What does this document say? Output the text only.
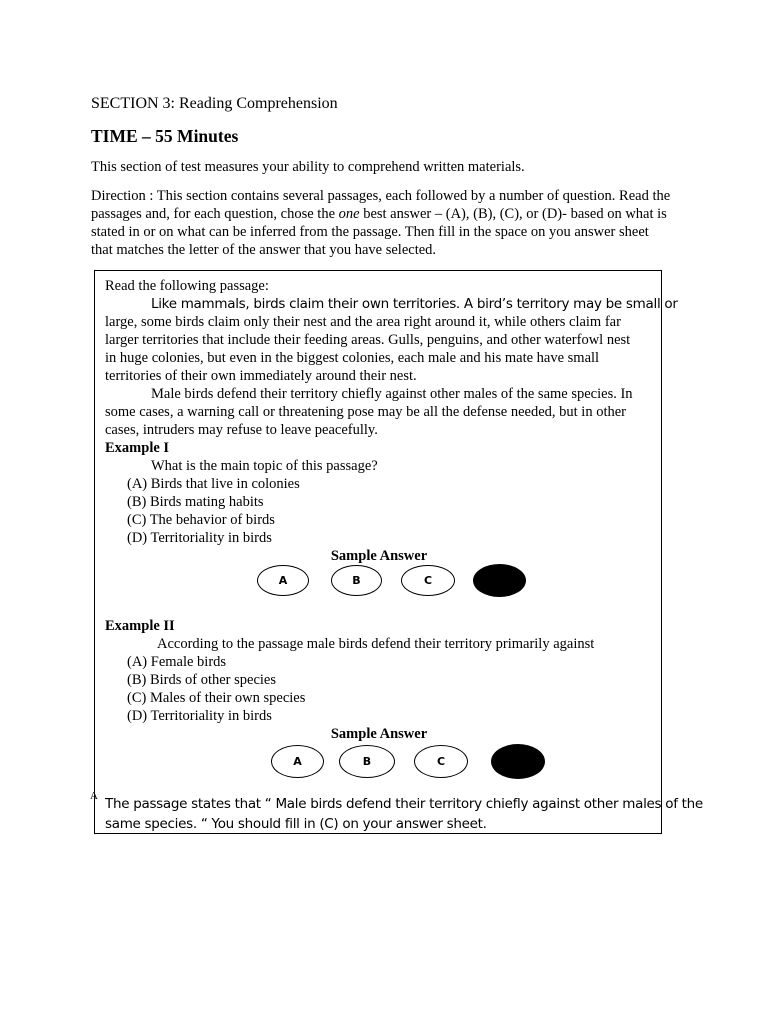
SECTION 3: Reading Comprehension
TIME – 55 Minutes
This section of test measures your ability to comprehend written materials.

Direction : This section contains several passages, each followed by a number of question. Read the passages and, for each question, chose the one best answer – (A), (B), (C), or (D)- based on what is stated in or on what can be inferred from the passage. Then fill in the space on you answer sheet that matches the letter of the answer that you have selected.

Read the following passage:
Like mammals, birds claim their own territories. A bird’s territory may be small or
large, some birds claim only their nest and the area right around it, while others claim far
larger territories that include their feeding areas. Gulls, penguins, and other waterfowl nest
in huge colonies, but even in the biggest colonies, each male and his mate have small
territories of their own immediately around their nest.
Male birds defend their territory chiefly against other males of the same species. In
some cases, a warning call or threatening pose may be all the defense needed, but in other
cases, intruders may refuse to leave peacefully.
Example I
What is the main topic of this passage?
(A) Birds that live in colonies
(B) Birds mating habits
(C) The behavior of birds
(D) Territoriality in birds
Sample Answer
A	B	C
Example II
According to the passage male birds defend their territory primarily against
(A) Female birds
(B) Birds of other species
(C) Males of their own species
(D) Territoriality in birds
Sample Answer
A	B	C
The passage states that “ Male birds defend their territory chiefly against other males of the
same species. “ You should fill in (C) on your answer sheet.
A
